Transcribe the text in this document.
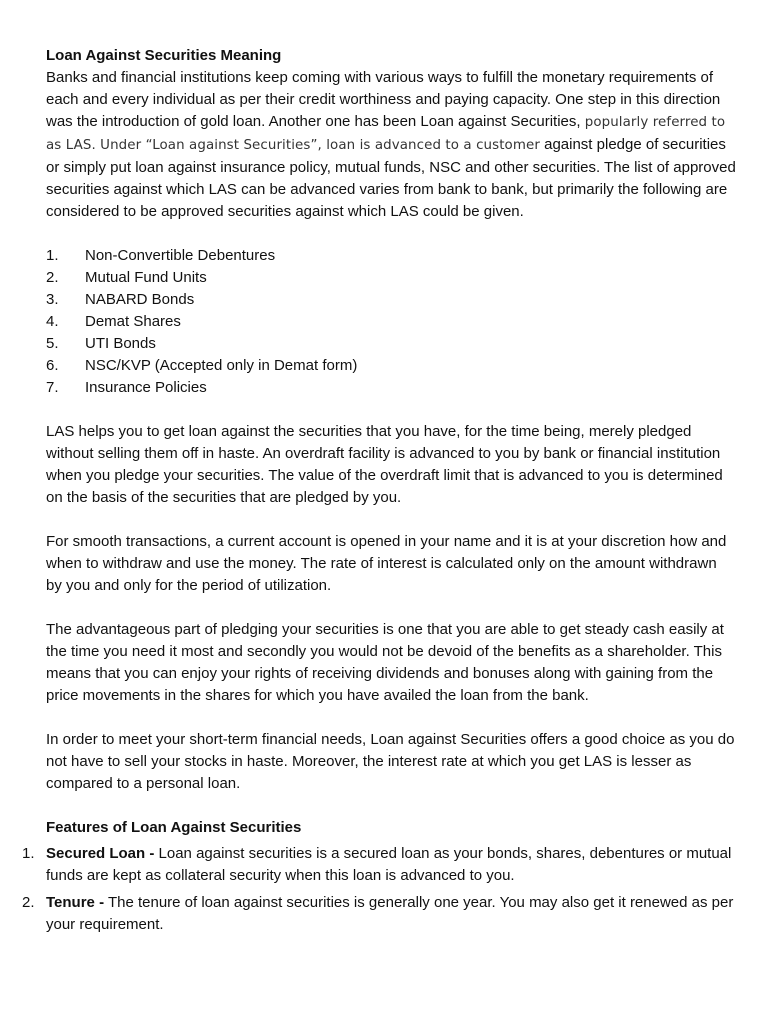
Loan Against Securities Meaning

Banks and financial institutions keep coming with various ways to fulfill the monetary requirements of each and every individual as per their credit worthiness and paying capacity. One step in this direction was the introduction of gold loan. Another one has been Loan against Securities, popularly referred to as LAS. Under “Loan against Securities”, loan is advanced to a customer against pledge of securities or simply put loan against insurance policy, mutual funds, NSC and other securities. The list of approved securities against which LAS can be advanced varies from bank to bank, but primarily the following are considered to be approved securities against which LAS could be given.

1. Non-Convertible Debentures
2. Mutual Fund Units
3. NABARD Bonds
4. Demat Shares
5. UTI Bonds
6. NSC/KVP (Accepted only in Demat form)
7. Insurance Policies

LAS helps you to get loan against the securities that you have, for the time being, merely pledged without selling them off in haste. An overdraft facility is advanced to you by bank or financial institution when you pledge your securities. The value of the overdraft limit that is advanced to you is determined on the basis of the securities that are pledged by you.

For smooth transactions, a current account is opened in your name and it is at your discretion how and when to withdraw and use the money. The rate of interest is calculated only on the amount withdrawn by you and only for the period of utilization.

The advantageous part of pledging your securities is one that you are able to get steady cash easily at the time you need it most and secondly you would not be devoid of the benefits as a shareholder. This means that you can enjoy your rights of receiving dividends and bonuses along with gaining from the price movements in the shares for which you have availed the loan from the bank.

In order to meet your short-term financial needs, Loan against Securities offers a good choice as you do not have to sell your stocks in haste. Moreover, the interest rate at which you get LAS is lesser as compared to a personal loan.

Features of Loan Against Securities

1. Secured Loan - Loan against securities is a secured loan as your bonds, shares, debentures or mutual funds are kept as collateral security when this loan is advanced to you.
2. Tenure - The tenure of loan against securities is generally one year. You may also get it renewed as per your requirement.
